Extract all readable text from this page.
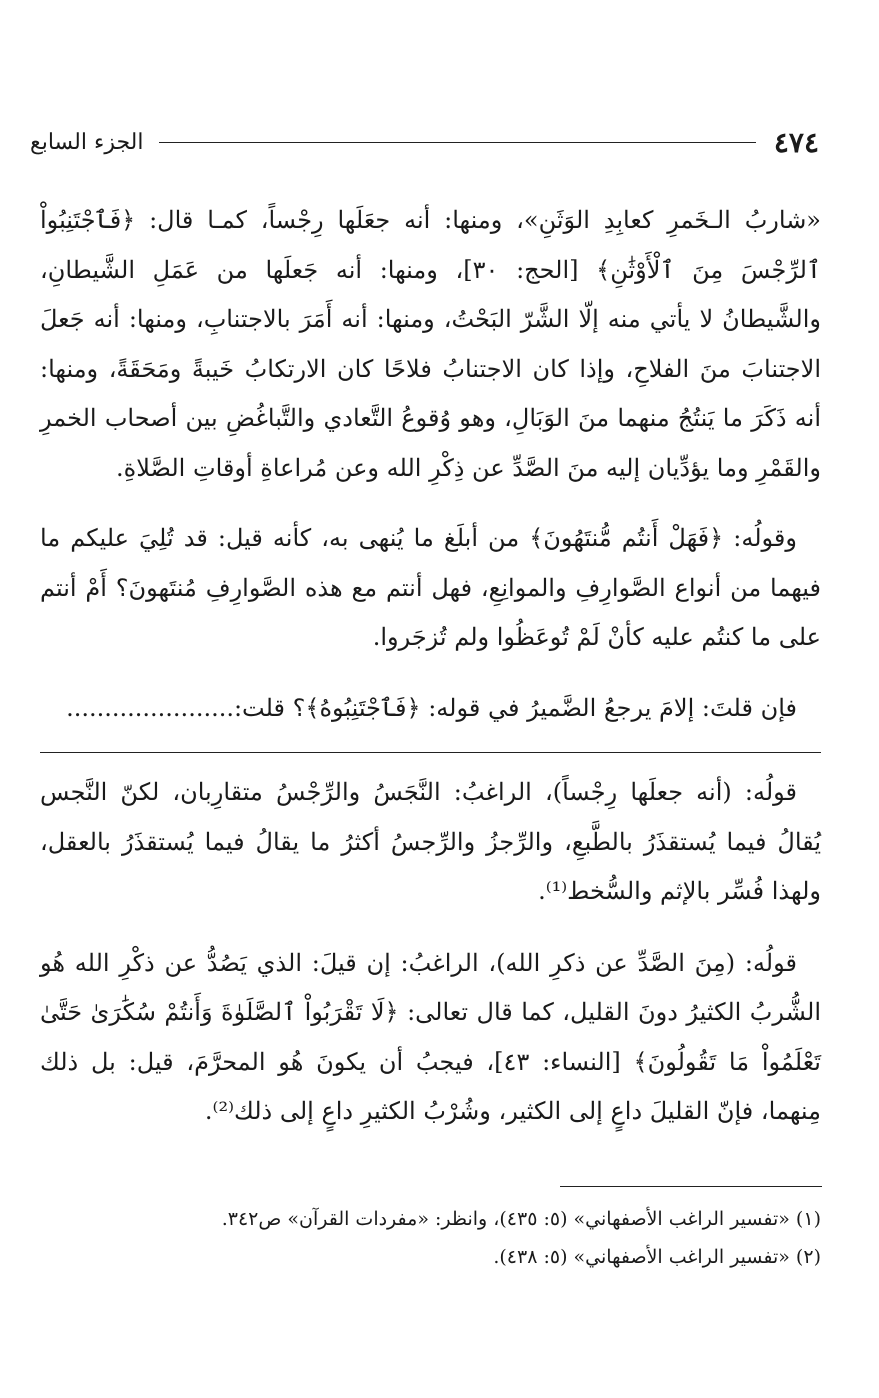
٤٧٤
الجزء السابع

«شاربُ الـخَمرِ كعابِدِ الوَثَنِ»، ومنها: أنه جعَلَها رِجْساً، كمـا قال: ﴿فَٱجْتَنِبُواْ ٱلرِّجْسَ مِنَ ٱلْأَوْثَٰنِ﴾ [الحج: ٣٠]، ومنها: أنه جَعلَها من عَمَلِ الشَّيطانِ، والشَّيطانُ لا يأتي منه إلّا الشَّرّ البَحْتُ، ومنها: أنه أَمَرَ بالاجتنابِ، ومنها: أنه جَعلَ الاجتنابَ منَ الفلاحِ، وإذا كان الاجتنابُ فلاحًا كان الارتكابُ خَيبةً ومَحَقَةً، ومنها: أنه ذَكَرَ ما يَنتُجُ منهما منَ الوَبَالِ، وهو وُقوعُ التَّعادي والتَّباغُضِ بين أصحاب الخمرِ والقَمْرِ وما يؤدِّيان إليه منَ الصَّدِّ عن ذِكْرِ الله وعن مُراعاةِ أوقاتِ الصَّلاةِ.

وقولُه: ﴿فَهَلْ أَنتُم مُّنتَهُونَ﴾ من أبلَغ ما يُنهى به، كأنه قيل: قد تُلِيَ عليكم ما فيهما من أنواع الصَّوارِفِ والموانِعِ، فهل أنتم مع هذه الصَّوارِفِ مُنتَهونَ؟ أَمْ أنتم على ما كنتُم عليه كأنْ لَمْ تُوعَظُوا ولم تُزجَروا.

فإن قلتَ: إلامَ يرجعُ الضَّميرُ في قوله: ﴿فَٱجْتَنِبُوهُ﴾؟ قلت:......................

قولُه: (أنه جعلَها رِجْساً)، الراغبُ: النَّجَسُ والرِّجْسُ متقارِبان، لكنّ النَّجس يُقالُ فيما يُستقذَرُ بالطَّبعِ، والرِّجزُ والرِّجسُ أكثرُ ما يقالُ فيما يُستقذَرُ بالعقل، ولهذا فُسِّر بالإثم والسُّخط⁽¹⁾.

قولُه: (مِنَ الصَّدِّ عن ذكرِ الله)، الراغبُ: إن قيلَ: الذي يَصُدُّ عن ذكْرِ الله هُو الشُّربُ الكثيرُ دونَ القليل، كما قال تعالى: ﴿لَا تَقْرَبُواْ ٱلصَّلَوٰةَ وَأَنتُمْ سُكَٰرَىٰ حَتَّىٰ تَعْلَمُواْ مَا تَقُولُونَ﴾ [النساء: ٤٣]، فيجبُ أن يكونَ هُو المحرَّمَ، قيل: بل ذلك مِنهما، فإنّ القليلَ داعٍ إلى الكثير، وشُرْبُ الكثيرِ داعٍ إلى ذلك⁽²⁾.

(١) «تفسير الراغب الأصفهاني» (٥: ٤٣٥)، وانظر: «مفردات القرآن» ص٣٤٢.

(٢) «تفسير الراغب الأصفهاني» (٥: ٤٣٨).
